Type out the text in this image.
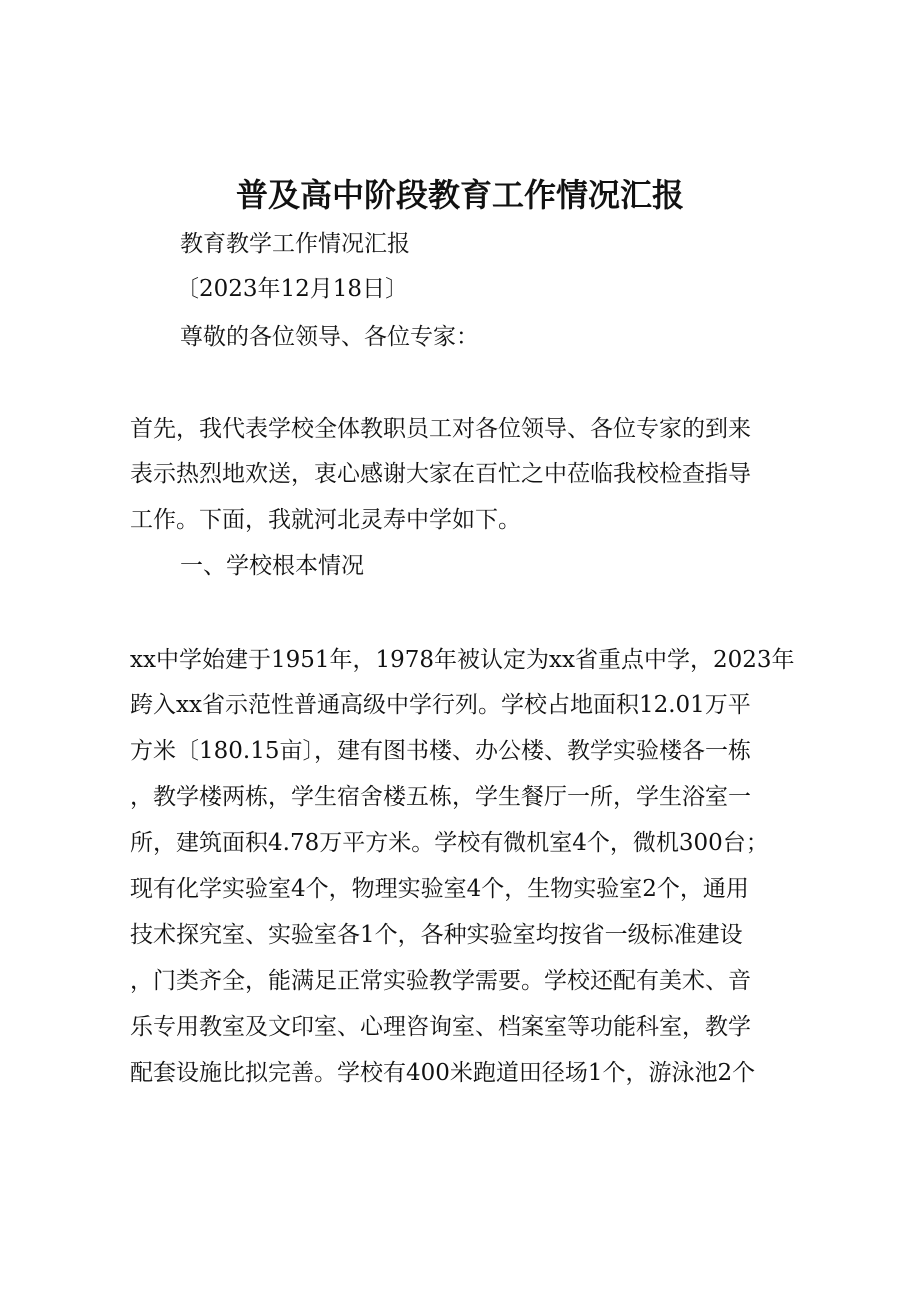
普及高中阶段教育工作情况汇报
教育教学工作情况汇报
〔2023年12月18日〕
尊敬的各位领导、各位专家：
首先，我代表学校全体教职员工对各位领导、各位专家的到来
表示热烈地欢送，衷心感谢大家在百忙之中莅临我校检查指导
工作。下面，我就河北灵寿中学如下。
一、学校根本情况
xx中学始建于1951年，1978年被认定为xx省重点中学，2023年
跨入xx省示范性普通高级中学行列。学校占地面积12.01万平
方米〔180.15亩〕，建有图书楼、办公楼、教学实验楼各一栋
，教学楼两栋，学生宿舍楼五栋，学生餐厅一所，学生浴室一
所，建筑面积4.78万平方米。学校有微机室4个，微机300台；
现有化学实验室4个，物理实验室4个，生物实验室2个，通用
技术探究室、实验室各1个，各种实验室均按省一级标准建设
，门类齐全，能满足正常实验教学需要。学校还配有美术、音
乐专用教室及文印室、心理咨询室、档案室等功能科室，教学
配套设施比拟完善。学校有400米跑道田径场1个，游泳池2个
